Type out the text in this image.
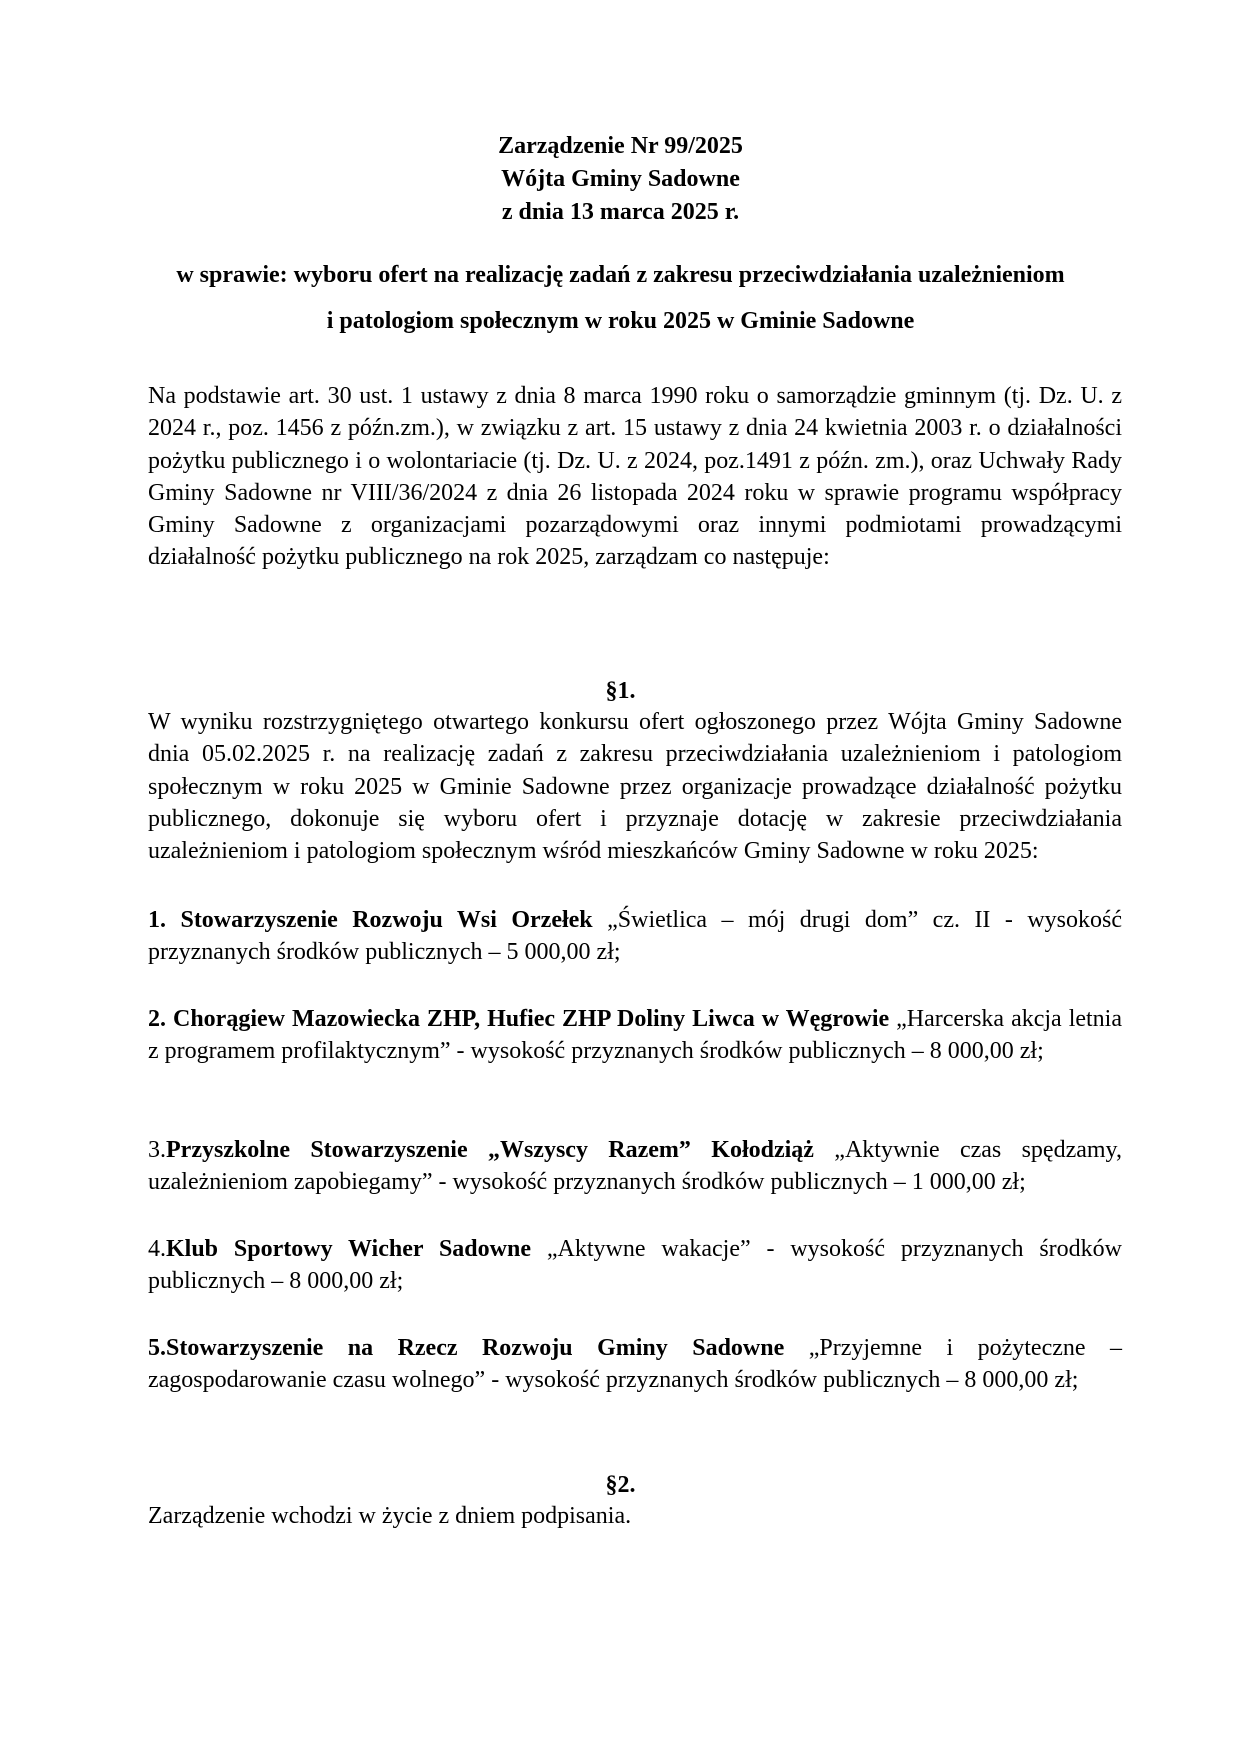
Zarządzenie Nr 99/2025
Wójta Gminy Sadowne
z dnia 13 marca 2025 r.
w sprawie: wyboru ofert na realizację zadań z zakresu przeciwdziałania uzależnieniom
i patologiom społecznym w roku 2025 w Gminie Sadowne
Na podstawie art. 30 ust. 1 ustawy z dnia 8 marca 1990 roku o samorządzie gminnym (tj. Dz. U. z 2024 r., poz. 1456 z późn.zm.), w związku z art. 15 ustawy z dnia 24 kwietnia 2003 r. o działalności pożytku publicznego i o wolontariacie (tj. Dz. U. z 2024, poz.1491 z późn. zm.), oraz Uchwały Rady Gminy Sadowne nr VIII/36/2024 z dnia 26 listopada 2024 roku w sprawie programu współpracy Gminy Sadowne z organizacjami pozarządowymi oraz innymi podmiotami prowadzącymi działalność pożytku publicznego na rok 2025, zarządzam co następuje:
§1.
W wyniku rozstrzygniętego otwartego konkursu ofert ogłoszonego przez Wójta Gminy Sadowne dnia 05.02.2025 r. na realizację zadań z zakresu przeciwdziałania uzależnieniom i patologiom społecznym w roku 2025 w Gminie Sadowne przez organizacje prowadzące działalność pożytku publicznego, dokonuje się wyboru ofert i przyznaje dotację w zakresie przeciwdziałania uzależnieniom i patologiom społecznym wśród mieszkańców Gminy Sadowne w roku 2025:
1. Stowarzyszenie Rozwoju Wsi Orzełek „Świetlica – mój drugi dom” cz. II - wysokość przyznanych środków publicznych – 5 000,00 zł;
2. Chorągiew Mazowiecka ZHP, Hufiec ZHP Doliny Liwca w Węgrowie „Harcerska akcja letnia z programem profilaktycznym” - wysokość przyznanych środków publicznych – 8 000,00 zł;
3.Przyszkolne Stowarzyszenie „Wszyscy Razem” Kołodziąż „Aktywnie czas spędzamy, uzależnieniom zapobiegamy” - wysokość przyznanych środków publicznych – 1 000,00 zł;
4.Klub Sportowy Wicher Sadowne „Aktywne wakacje” - wysokość przyznanych środków publicznych – 8 000,00 zł;
5.Stowarzyszenie na Rzecz Rozwoju Gminy Sadowne „Przyjemne i pożyteczne – zagospodarowanie czasu wolnego” - wysokość przyznanych środków publicznych – 8 000,00 zł;
§2.
Zarządzenie wchodzi w życie z dniem podpisania.
